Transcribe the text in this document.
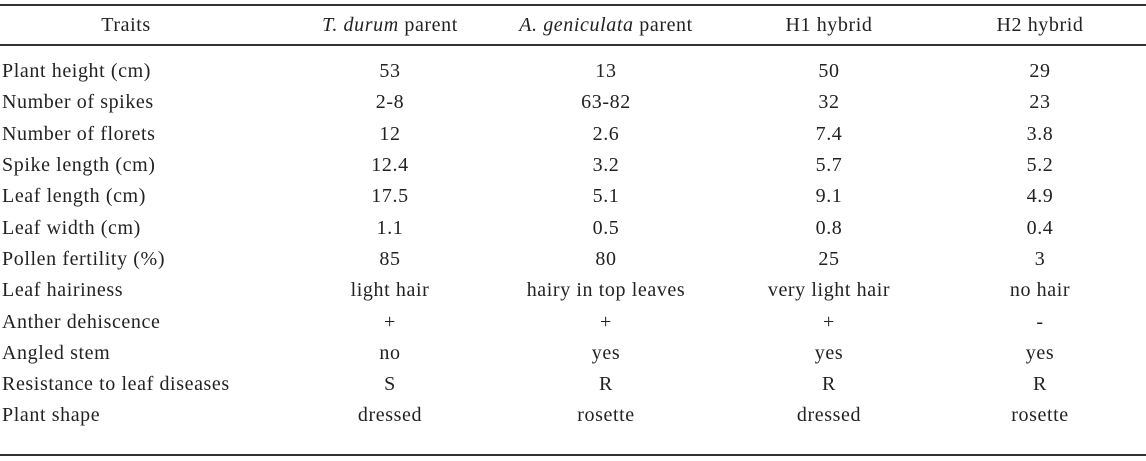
Traits	T. durum parent	A. geniculata parent	H1 hybrid	H2 hybrid

Plant height (cm)	53	13	50	29
Number of spikes	2-8	63-82	32	23
Number of florets	12	2.6	7.4	3.8
Spike length (cm)	12.4	3.2	5.7	5.2
Leaf length (cm)	17.5	5.1	9.1	4.9
Leaf width (cm)	1.1	0.5	0.8	0.4
Pollen fertility (%)	85	80	25	3
Leaf hairiness	light hair	hairy in top leaves	very light hair	no hair
Anther dehiscence	+	+	+	-
Angled stem	no	yes	yes	yes
Resistance to leaf diseases	S	R	R	R
Plant shape	dressed	rosette	dressed	rosette
